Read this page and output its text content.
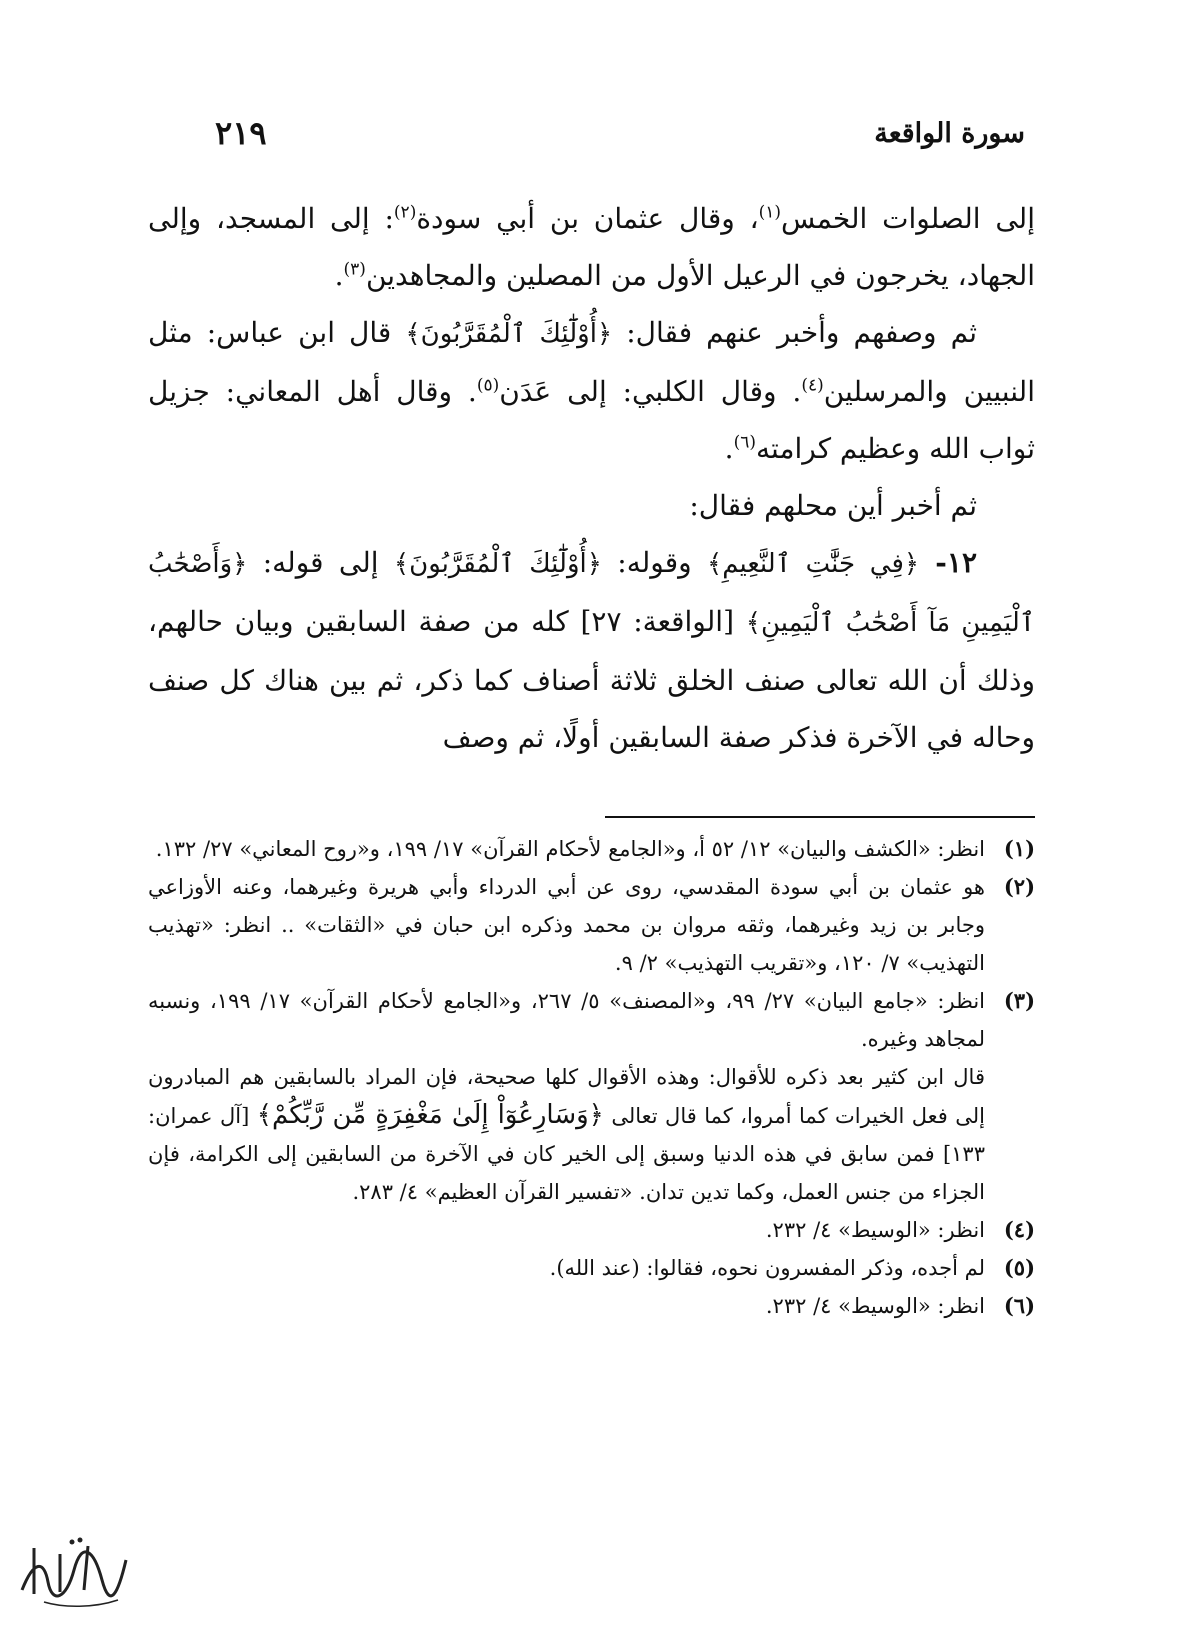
سورة الواقعة
٢١٩

إلى الصلوات الخمس$^{(١)}$، وقال عثمان بن أبي سودة$^{(٢)}$: إلى المسجد، وإلى الجهاد، يخرجون في الرعيل الأول من المصلين والمجاهدين$^{(٣)}$.

ثم وصفهم وأخبر عنهم فقال: ﴿أُوْلَٰٓئِكَ ٱلْمُقَرَّبُونَ﴾ قال ابن عباس: مثل النبيين والمرسلين$^{(٤)}$. وقال الكلبي: إلى عَدَن$^{(٥)}$. وقال أهل المعاني: جزيل ثواب الله وعظيم كرامته$^{(٦)}$.

ثم أخبر أين محلهم فقال:

١٢- ﴿فِي جَنَّٰتِ ٱلنَّعِيمِ﴾ وقوله: ﴿أُوْلَٰٓئِكَ ٱلْمُقَرَّبُونَ﴾ إلى قوله: ﴿وَأَصْحَٰبُ ٱلْيَمِينِ مَآ أَصْحَٰبُ ٱلْيَمِينِ﴾ [الواقعة: ٢٧] كله من صفة السابقين وبيان حالهم، وذلك أن الله تعالى صنف الخلق ثلاثة أصناف كما ذكر، ثم بين هناك كل صنف وحاله في الآخرة فذكر صفة السابقين أولًا، ثم وصف

(١)
انظر: «الكشف والبيان» ١٢/ ٥٢ أ، و«الجامع لأحكام القرآن» ١٧/ ١٩٩، و«روح المعاني» ٢٧/ ١٣٢.
(٢)
هو عثمان بن أبي سودة المقدسي، روى عن أبي الدرداء وأبي هريرة وغيرهما، وعنه الأوزاعي وجابر بن زيد وغيرهما، وثقه مروان بن محمد وذكره ابن حبان في «الثقات» .. انظر: «تهذيب التهذيب» ٧/ ١٢٠، و«تقريب التهذيب» ٢/ ٩.
(٣)
انظر: «جامع البيان» ٢٧/ ٩٩، و«المصنف» ٥/ ٢٦٧، و«الجامع لأحكام القرآن» ١٧/ ١٩٩، ونسبه لمجاهد وغيره.

قال ابن كثير بعد ذكره للأقوال: وهذه الأقوال كلها صحيحة، فإن المراد بالسابقين هم المبادرون إلى فعل الخيرات كما أمروا، كما قال تعالى ﴿وَسَارِعُوٓاْ إِلَىٰ مَغْفِرَةٍ مِّن رَّبِّكُمْ﴾ [آل عمران: ١٣٣] فمن سابق في هذه الدنيا وسبق إلى الخير كان في الآخرة من السابقين إلى الكرامة، فإن الجزاء من جنس العمل، وكما تدين تدان. «تفسير القرآن العظيم» ٤/ ٢٨٣.

(٤)
انظر: «الوسيط» ٤/ ٢٣٢.
(٥)
لم أجده، وذكر المفسرون نحوه، فقالوا: (عند الله).
(٦)
انظر: «الوسيط» ٤/ ٢٣٢.
